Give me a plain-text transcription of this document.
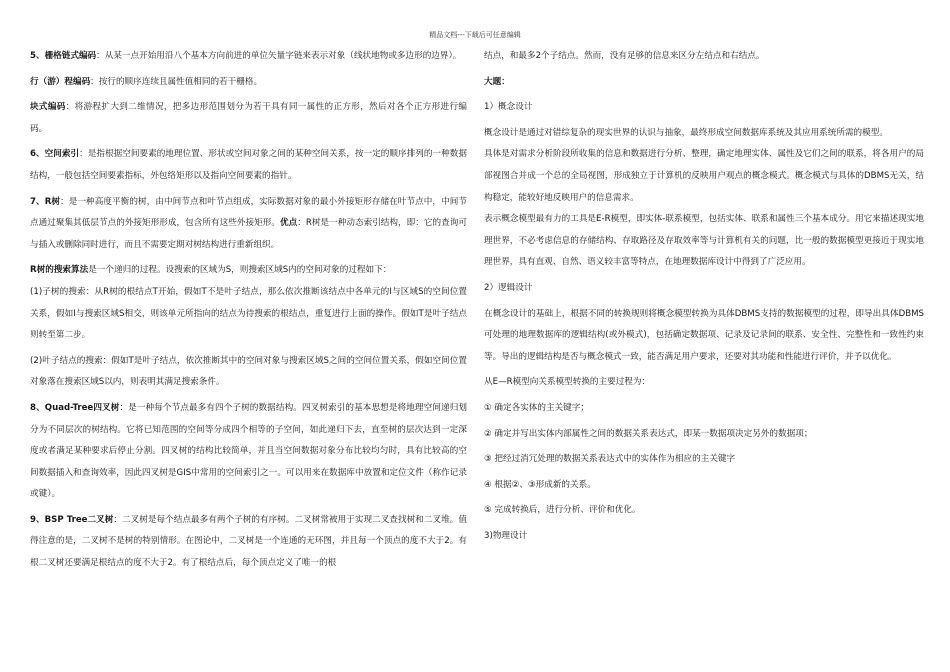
精品文档---下载后可任意编辑

5、栅格链式编码：从某一点开始用沿八个基本方向前进的单位矢量字链来表示对象（线状地物或多边形的边界）。

行（游）程编码：按行的顺序连续且属性值相同的若干栅格。

块式编码：将游程扩大到二维情况，把多边形范围划分为若干具有同一属性的正方形，然后对各个正方形进行编码。

6、空间索引：是指根据空间要素的地理位置、形状或空间对象之间的某种空间关系，按一定的顺序排列的一种数据结构，一般包括空间要素指标，外包络矩形以及指向空间要素的指针。

7、R树：是一种高度平衡的树，由中间节点和叶节点组成，实际数据对象的最小外接矩形存储在叶节点中，中间节点通过聚集其低层节点的外接矩形形成，包含所有这些外接矩形。优点：R树是一种动态索引结构，即：它的查询可与插入或删除同时进行，而且不需要定期对树结构进行重新组织。

R树的搜索算法是一个递归的过程。设搜索的区域为S，则搜索区域S内的空间对象的过程如下：

(1)子树的搜索：从R树的根结点T开始，假如T不是叶子结点，那么依次推断该结点中各单元的I与区域S的空间位置关系，假如I与搜索区域S相交，则该单元所指向的结点为待搜索的根结点，重复进行上面的操作。假如T是叶子结点则转至第二步。

(2)叶子结点的搜索：假如T是叶子结点，依次推断其中的空间对象与搜索区域S之间的空间位置关系，假如空间位置对象落在搜索区域S以内，则表明其满足搜索条件。

8、Quad-Tree四叉树：是一种每个节点最多有四个子树的数据结构。四叉树索引的基本思想是将地理空间递归划分为不同层次的树结构。它将已知范围的空间等分成四个相等的子空间，如此递归下去，直至树的层次达到一定深度或者满足某种要求后停止分割。四叉树的结构比较简单，并且当空间数据对象分布比较均匀时，具有比较高的空间数据插入和查询效率，因此四叉树是GIS中常用的空间索引之一。可以用来在数据库中放置和定位文件（称作记录或键）。

9、BSP Tree二叉树：二叉树是每个结点最多有两个子树的有序树。二叉树常被用于实现二叉查找树和二叉堆。值得注意的是，二叉树不是树的特别情形。在图论中，二叉树是一个连通的无环图，并且每一个顶点的度不大于2。有根二叉树还要满足根结点的度不大于2。有了根结点后，每个顶点定义了唯一的根

结点，和最多2个子结点。然而，没有足够的信息来区分左结点和右结点。

大题：

1）概念设计

概念设计是通过对错综复杂的现实世界的认识与抽象，最终形成空间数据库系统及其应用系统所需的模型。

具体是对需求分析阶段所收集的信息和数据进行分析、整理，确定地理实体、属性及它们之间的联系，将各用户的局部视图合并成一个总的全局视图，形成独立于计算机的反映用户观点的概念模式。概念模式与具体的DBMS无关，结构稳定，能较好地反映用户的信息需求。

表示概念模型最有力的工具是E-R模型，即实体-联系模型，包括实体、联系和属性三个基本成分。用它来描述现实地理世界，不必考虑信息的存储结构、存取路径及存取效率等与计算机有关的问题，比一般的数据模型更接近于现实地理世界，具有直观、自然、语义较丰富等特点，在地理数据库设计中得到了广泛应用。

2）逻辑设计

在概念设计的基础上，根据不同的转换规则将概念模型转换为具体DBMS支持的数据模型的过程，即导出具体DBMS可处理的地理数据库的逻辑结构(或外模式)，包括确定数据项、记录及记录间的联系、安全性、完整性和一致性约束等。导出的逻辑结构是否与概念模式一致，能否满足用户要求，还要对其功能和性能进行评价，并予以优化。

从E—R模型向关系模型转换的主要过程为：

① 确定各实体的主关键字；

② 确定并写出实体内部属性之间的数据关系表达式，即某一数据项决定另外的数据项；

③ 把经过消冗处理的数据关系表达式中的实体作为相应的主关键字

④ 根据②、③形成新的关系。

⑤ 完成转换后，进行分析、评价和优化。

3)物理设计
